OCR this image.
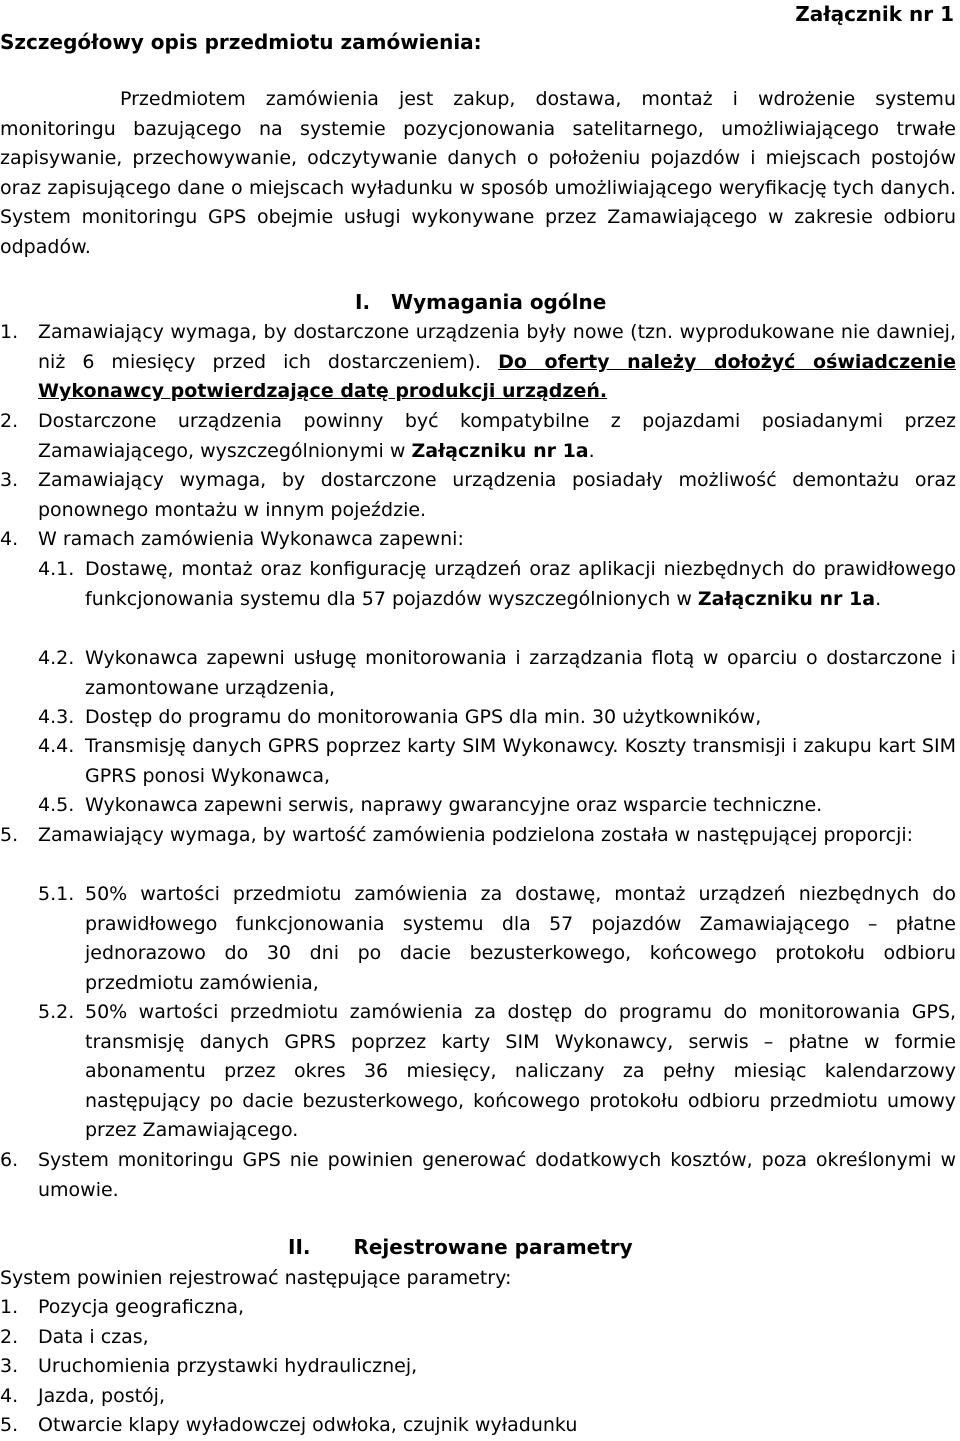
Załącznik nr 1
Szczegółowy opis przedmiotu zamówienia:
Przedmiotem zamówienia jest zakup, dostawa, montaż i wdrożenie systemu monitoringu bazującego na systemie pozycjonowania satelitarnego, umożliwiającego trwałe zapisywanie, przechowywanie, odczytywanie danych o położeniu pojazdów i miejscach postojów oraz zapisującego dane o miejscach wyładunku w sposób umożliwiającego weryfikację tych danych. System monitoringu GPS obejmie usługi wykonywane przez Zamawiającego w zakresie odbioru odpadów.
I. Wymagania ogólne
1. Zamawiający wymaga, by dostarczone urządzenia były nowe (tzn. wyprodukowane nie dawniej, niż 6 miesięcy przed ich dostarczeniem). Do oferty należy dołożyć oświadczenie Wykonawcy potwierdzające datę produkcji urządzeń.
2. Dostarczone urządzenia powinny być kompatybilne z pojazdami posiadanymi przez Zamawiającego, wyszczególnionymi w Załączniku nr 1a.
3. Zamawiający wymaga, by dostarczone urządzenia posiadały możliwość demontażu oraz ponownego montażu w innym pojeździe.
4. W ramach zamówienia Wykonawca zapewni:
4.1. Dostawę, montaż oraz konfigurację urządzeń oraz aplikacji niezbędnych do prawidłowego funkcjonowania systemu dla 57 pojazdów wyszczególnionych w Załączniku nr 1a.
4.2. Wykonawca zapewni usługę monitorowania i zarządzania flotą w oparciu o dostarczone i zamontowane urządzenia,
4.3. Dostęp do programu do monitorowania GPS dla min. 30 użytkowników,
4.4. Transmisję danych GPRS poprzez karty SIM Wykonawcy. Koszty transmisji i zakupu kart SIM GPRS ponosi Wykonawca,
4.5. Wykonawca zapewni serwis, naprawy gwarancyjne oraz wsparcie techniczne.
5. Zamawiający wymaga, by wartość zamówienia podzielona została w następującej proporcji:
5.1. 50% wartości przedmiotu zamówienia za dostawę, montaż urządzeń niezbędnych do prawidłowego funkcjonowania systemu dla 57 pojazdów Zamawiającego – płatne jednorazowo do 30 dni po dacie bezusterkowego, końcowego protokołu odbioru przedmiotu zamówienia,
5.2. 50% wartości przedmiotu zamówienia za dostęp do programu do monitorowania GPS, transmisję danych GPRS poprzez karty SIM Wykonawcy, serwis – płatne w formie abonamentu przez okres 36 miesięcy, naliczany za pełny miesiąc kalendarzowy następujący po dacie bezusterkowego, końcowego protokołu odbioru przedmiotu umowy przez Zamawiającego.
6. System monitoringu GPS nie powinien generować dodatkowych kosztów, poza określonymi w umowie.
II. Rejestrowane parametry
System powinien rejestrować następujące parametry:
1. Pozycja geograficzna,
2. Data i czas,
3. Uruchomienia przystawki hydraulicznej,
4. Jazda, postój,
5. Otwarcie klapy wyładowczej odwłoka, czujnik wyładunku
